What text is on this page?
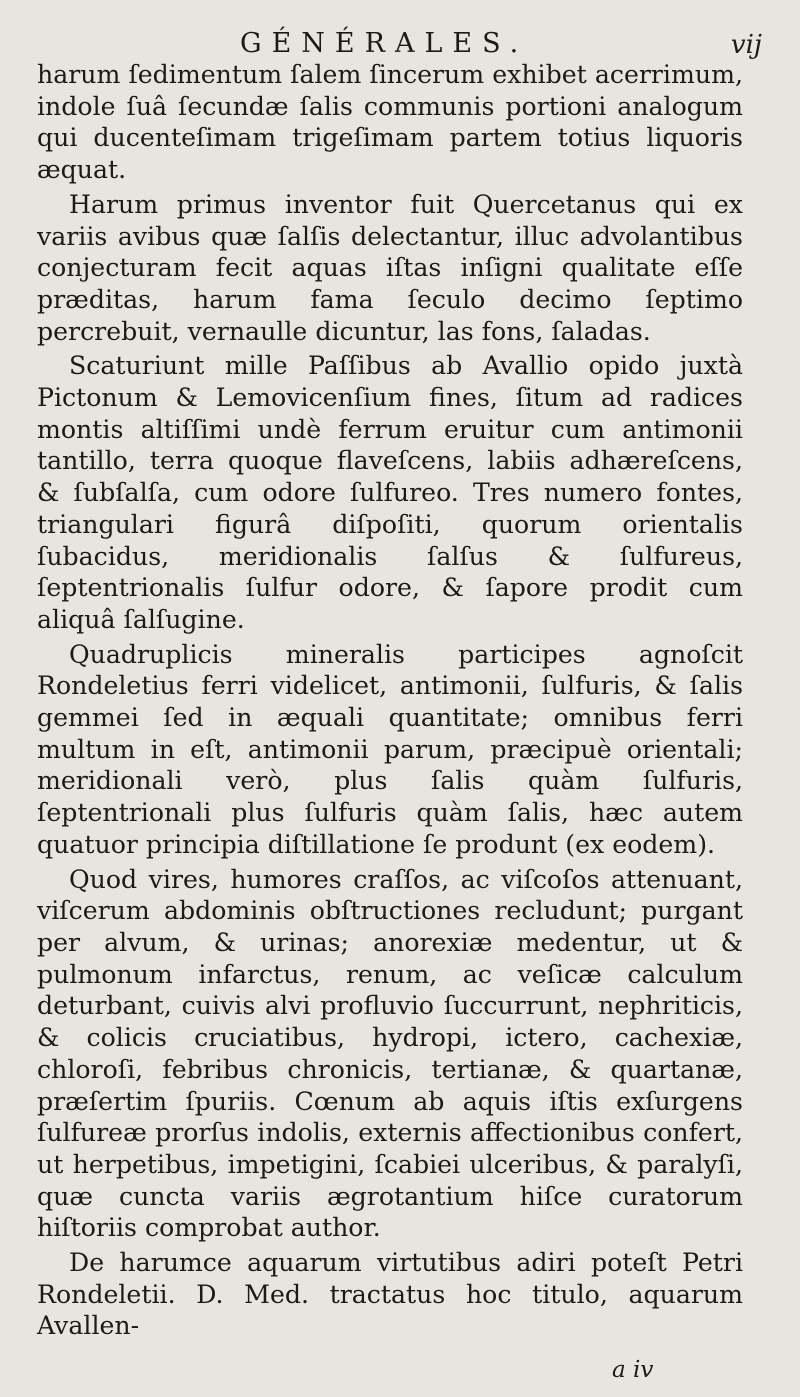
GÉNÉRALES.	vij

harum ſedimentum ſalem ſincerum exhibet acerrimum, indole ſuâ ſecundæ ſalis communis portioni analogum qui ducenteſimam trigeſimam partem totius liquoris æquat.

Harum primus inventor fuit Quercetanus qui ex variis avibus quæ ſalſis delectantur, illuc advolantibus conjecturam fecit aquas iſtas inſigni qualitate eſſe præditas, harum fama ſeculo decimo ſeptimo percrebuit, vernaulle dicuntur, las fons, ſaladas.

Scaturiunt mille Paſſibus ab Avallio opido juxtà Pictonum & Lemovicenſium fines, ſitum ad radices montis altiſſimi undè ferrum eruitur cum antimonii tantillo, terra quoque flaveſcens, labiis adhæreſcens, & ſubſalſa, cum odore ſulfureo. Tres numero fontes, triangulari figurâ diſpoſiti, quorum orientalis ſubacidus, meridionalis ſalſus & ſulfureus, ſeptentrionalis ſulfur odore, & ſapore prodit cum aliquâ ſalſugine.

Quadruplicis mineralis participes agnoſcit Rondeletius ferri videlicet, antimonii, ſulfuris, & ſalis gemmei ſed in æquali quantitate; omnibus ferri multum in eſt, antimonii parum, præcipuè orientali; meridionali verò, plus ſalis quàm ſulfuris, ſeptentrionali plus ſulfuris quàm ſalis, hæc autem quatuor principia diſtillatione ſe produnt (ex eodem).

Quod vires, humores craſſos, ac viſcoſos attenuant, viſcerum abdominis obſtructiones recludunt; purgant per alvum, & urinas; anorexiæ medentur, ut & pulmonum infarctus, renum, ac veſicæ calculum deturbant, cuivis alvi profluvio ſuccurrunt, nephriticis, & colicis cruciatibus, hydropi, ictero, cachexiæ, chloroſi, febribus chronicis, tertianæ, & quartanæ, præſertim ſpuriis. Cœnum ab aquis iſtis exſurgens ſulfureæ prorſus indolis, externis affectionibus confert, ut herpetibus, impetigini, ſcabiei ulceribus, & paralyſi, quæ cuncta variis ægrotantium hiſce curatorum hiſtoriis comprobat author.

De harumce aquarum virtutibus adiri poteſt Petri Rondeletii. D. Med. tractatus hoc titulo, aquarum Avallen-

a iv
